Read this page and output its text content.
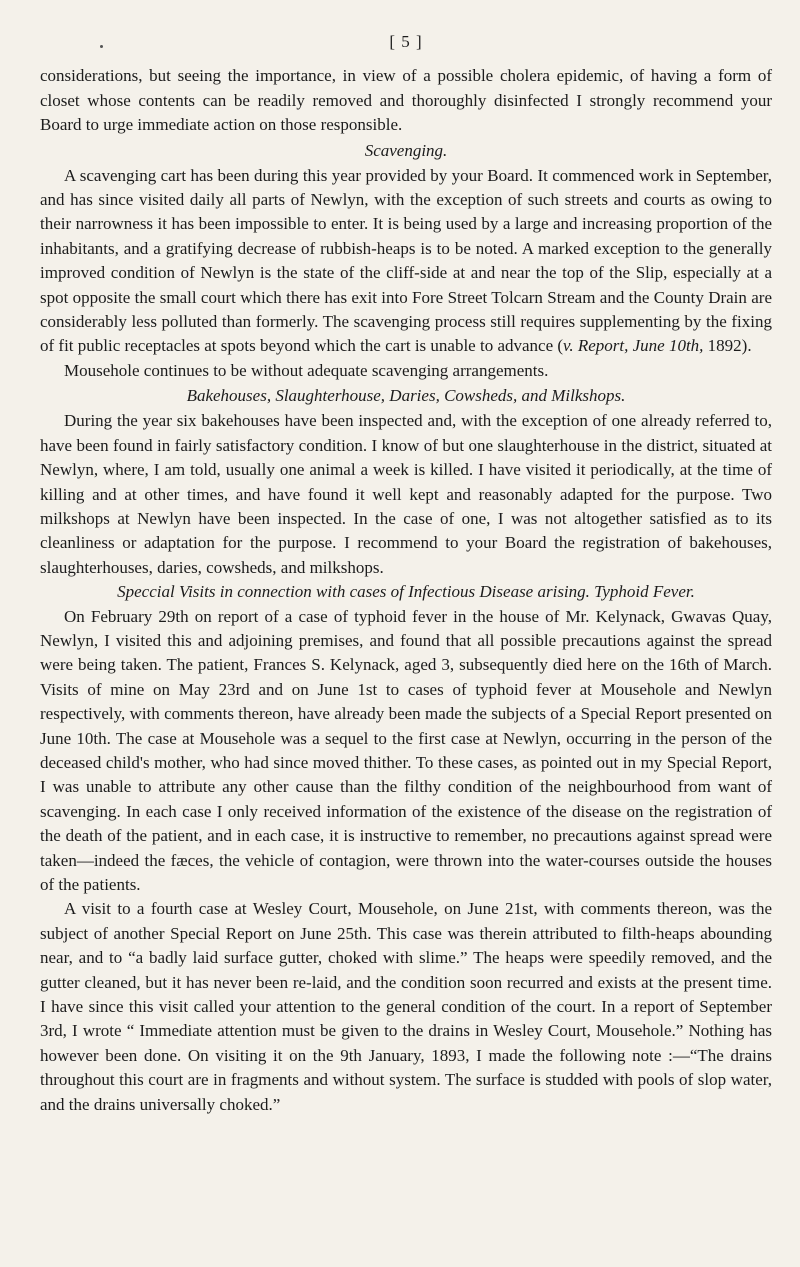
[ 5 ]

considerations, but seeing the importance, in view of a possible cholera epidemic, of having a form of closet whose contents can be readily removed and thoroughly disinfected I strongly recommend your Board to urge immediate action on those responsible.

Scavenging.

A scavenging cart has been during this year provided by your Board. It commenced work in September, and has since visited daily all parts of Newlyn, with the exception of such streets and courts as owing to their narrowness it has been impossible to enter. It is being used by a large and increasing proportion of the inhabitants, and a gratifying decrease of rubbish-heaps is to be noted. A marked exception to the generally improved condition of Newlyn is the state of the cliff-side at and near the top of the Slip, especially at a spot opposite the small court which there has exit into Fore Street Tolcarn Stream and the County Drain are considerably less polluted than formerly. The scavenging process still requires supplementing by the fixing of fit public receptacles at spots beyond which the cart is unable to advance (v. Report, June 10th, 1892).

Mousehole continues to be without adequate scavenging arrangements.

Bakehouses, Slaughterhouse, Daries, Cowsheds, and Milkshops.

During the year six bakehouses have been inspected and, with the exception of one already referred to, have been found in fairly satisfactory condition. I know of but one slaughterhouse in the district, situated at Newlyn, where, I am told, usually one animal a week is killed. I have visited it periodically, at the time of killing and at other times, and have found it well kept and reasonably adapted for the purpose. Two milkshops at Newlyn have been inspected. In the case of one, I was not altogether satisfied as to its cleanliness or adaptation for the purpose. I recommend to your Board the registration of bakehouses, slaughterhouses, daries, cowsheds, and milkshops.

Speccial Visits in connection with cases of Infectious Disease arising. Typhoid Fever.

On February 29th on report of a case of typhoid fever in the house of Mr. Kelynack, Gwavas Quay, Newlyn, I visited this and adjoining premises, and found that all possible precautions against the spread were being taken. The patient, Frances S. Kelynack, aged 3, subsequently died here on the 16th of March. Visits of mine on May 23rd and on June 1st to cases of typhoid fever at Mousehole and Newlyn respectively, with comments thereon, have already been made the subjects of a Special Report presented on June 10th. The case at Mousehole was a sequel to the first case at Newlyn, occurring in the person of the deceased child's mother, who had since moved thither. To these cases, as pointed out in my Special Report, I was unable to attribute any other cause than the filthy condition of the neighbourhood from want of scavenging. In each case I only received information of the existence of the disease on the registration of the death of the patient, and in each case, it is instructive to remember, no precautions against spread were taken—indeed the fæces, the vehicle of contagion, were thrown into the water-courses outside the houses of the patients.

A visit to a fourth case at Wesley Court, Mousehole, on June 21st, with comments thereon, was the subject of another Special Report on June 25th. This case was therein attributed to filth-heaps abounding near, and to “a badly laid surface gutter, choked with slime.” The heaps were speedily removed, and the gutter cleaned, but it has never been re-laid, and the condition soon recurred and exists at the present time. I have since this visit called your attention to the general condition of the court. In a report of September 3rd, I wrote “ Immediate attention must be given to the drains in Wesley Court, Mousehole.” Nothing has however been done. On visiting it on the 9th January, 1893, I made the following note :—“The drains throughout this court are in fragments and without system. The surface is studded with pools of slop water, and the drains universally choked.”
